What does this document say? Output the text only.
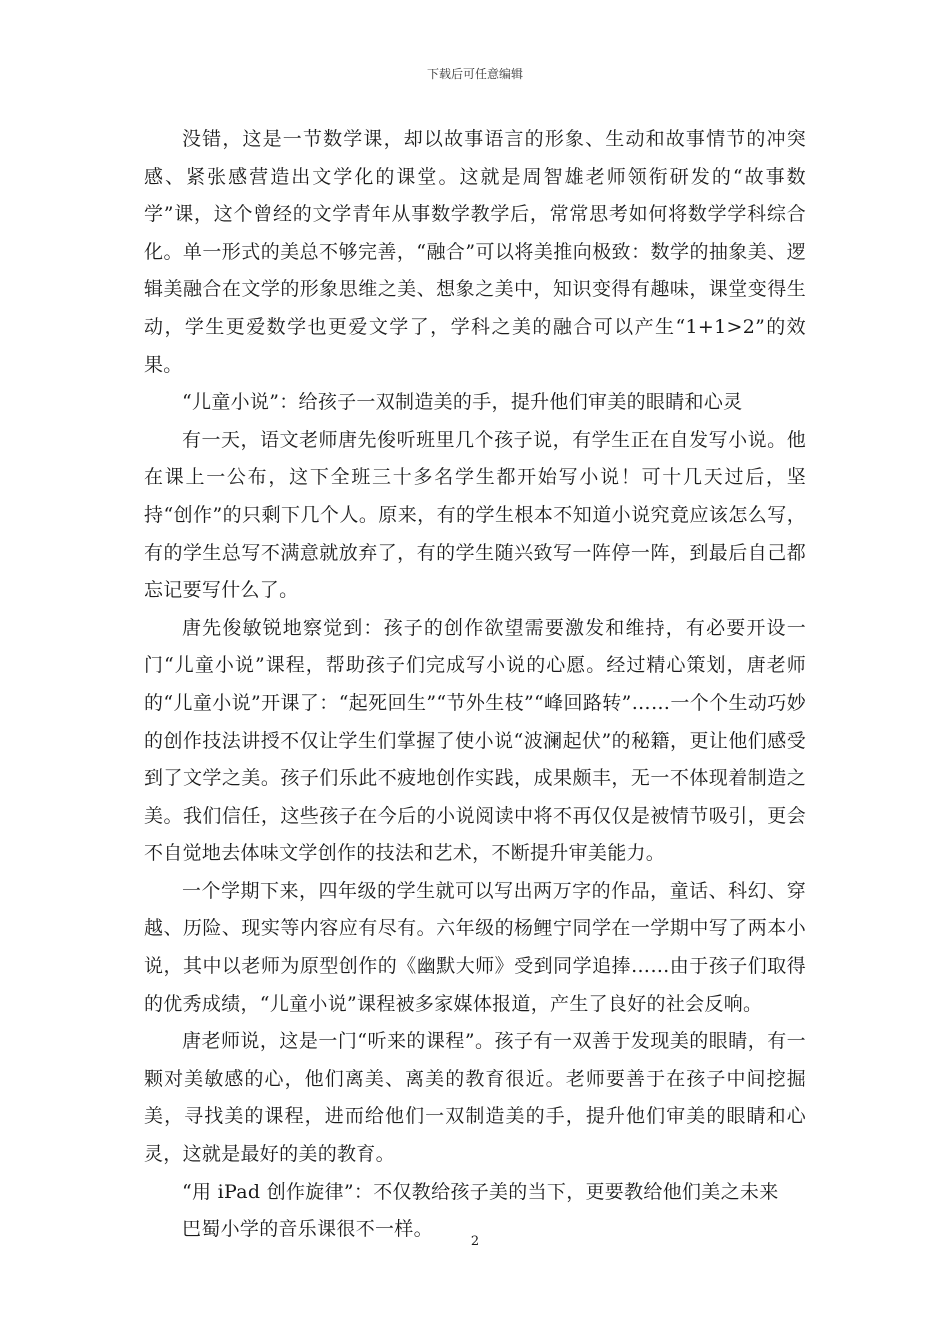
下载后可任意编辑

没错，这是一节数学课，却以故事语言的形象、生动和故事情节的冲突感、紧张感营造出文学化的课堂。这就是周智雄老师领衔研发的“故事数学”课，这个曾经的文学青年从事数学教学后，常常思考如何将数学学科综合化。单一形式的美总不够完善，“融合”可以将美推向极致：数学的抽象美、逻辑美融合在文学的形象思维之美、想象之美中，知识变得有趣味，课堂变得生动，学生更爱数学也更爱文学了，学科之美的融合可以产生“1+1>2”的效果。

“儿童小说”：给孩子一双制造美的手，提升他们审美的眼睛和心灵

有一天，语文老师唐先俊听班里几个孩子说，有学生正在自发写小说。他在课上一公布，这下全班三十多名学生都开始写小说！可十几天过后，坚持“创作”的只剩下几个人。原来，有的学生根本不知道小说究竟应该怎么写，有的学生总写不满意就放弃了，有的学生随兴致写一阵停一阵，到最后自己都忘记要写什么了。

唐先俊敏锐地察觉到：孩子的创作欲望需要激发和维持，有必要开设一门“儿童小说”课程，帮助孩子们完成写小说的心愿。经过精心策划，唐老师的“儿童小说”开课了：“起死回生”“节外生枝”“峰回路转”……一个个生动巧妙的创作技法讲授不仅让学生们掌握了使小说“波澜起伏”的秘籍，更让他们感受到了文学之美。孩子们乐此不疲地创作实践，成果颇丰，无一不体现着制造之美。我们信任，这些孩子在今后的小说阅读中将不再仅仅是被情节吸引，更会不自觉地去体味文学创作的技法和艺术，不断提升审美能力。

一个学期下来，四年级的学生就可以写出两万字的作品，童话、科幻、穿越、历险、现实等内容应有尽有。六年级的杨鲤宁同学在一学期中写了两本小说，其中以老师为原型创作的《幽默大师》受到同学追捧……由于孩子们取得的优秀成绩，“儿童小说”课程被多家媒体报道，产生了良好的社会反响。

唐老师说，这是一门“听来的课程”。孩子有一双善于发现美的眼睛，有一颗对美敏感的心，他们离美、离美的教育很近。老师要善于在孩子中间挖掘美，寻找美的课程，进而给他们一双制造美的手，提升他们审美的眼睛和心灵，这就是最好的美的教育。

“用 iPad 创作旋律”：不仅教给孩子美的当下，更要教给他们美之未来

巴蜀小学的音乐课很不一样。

2
